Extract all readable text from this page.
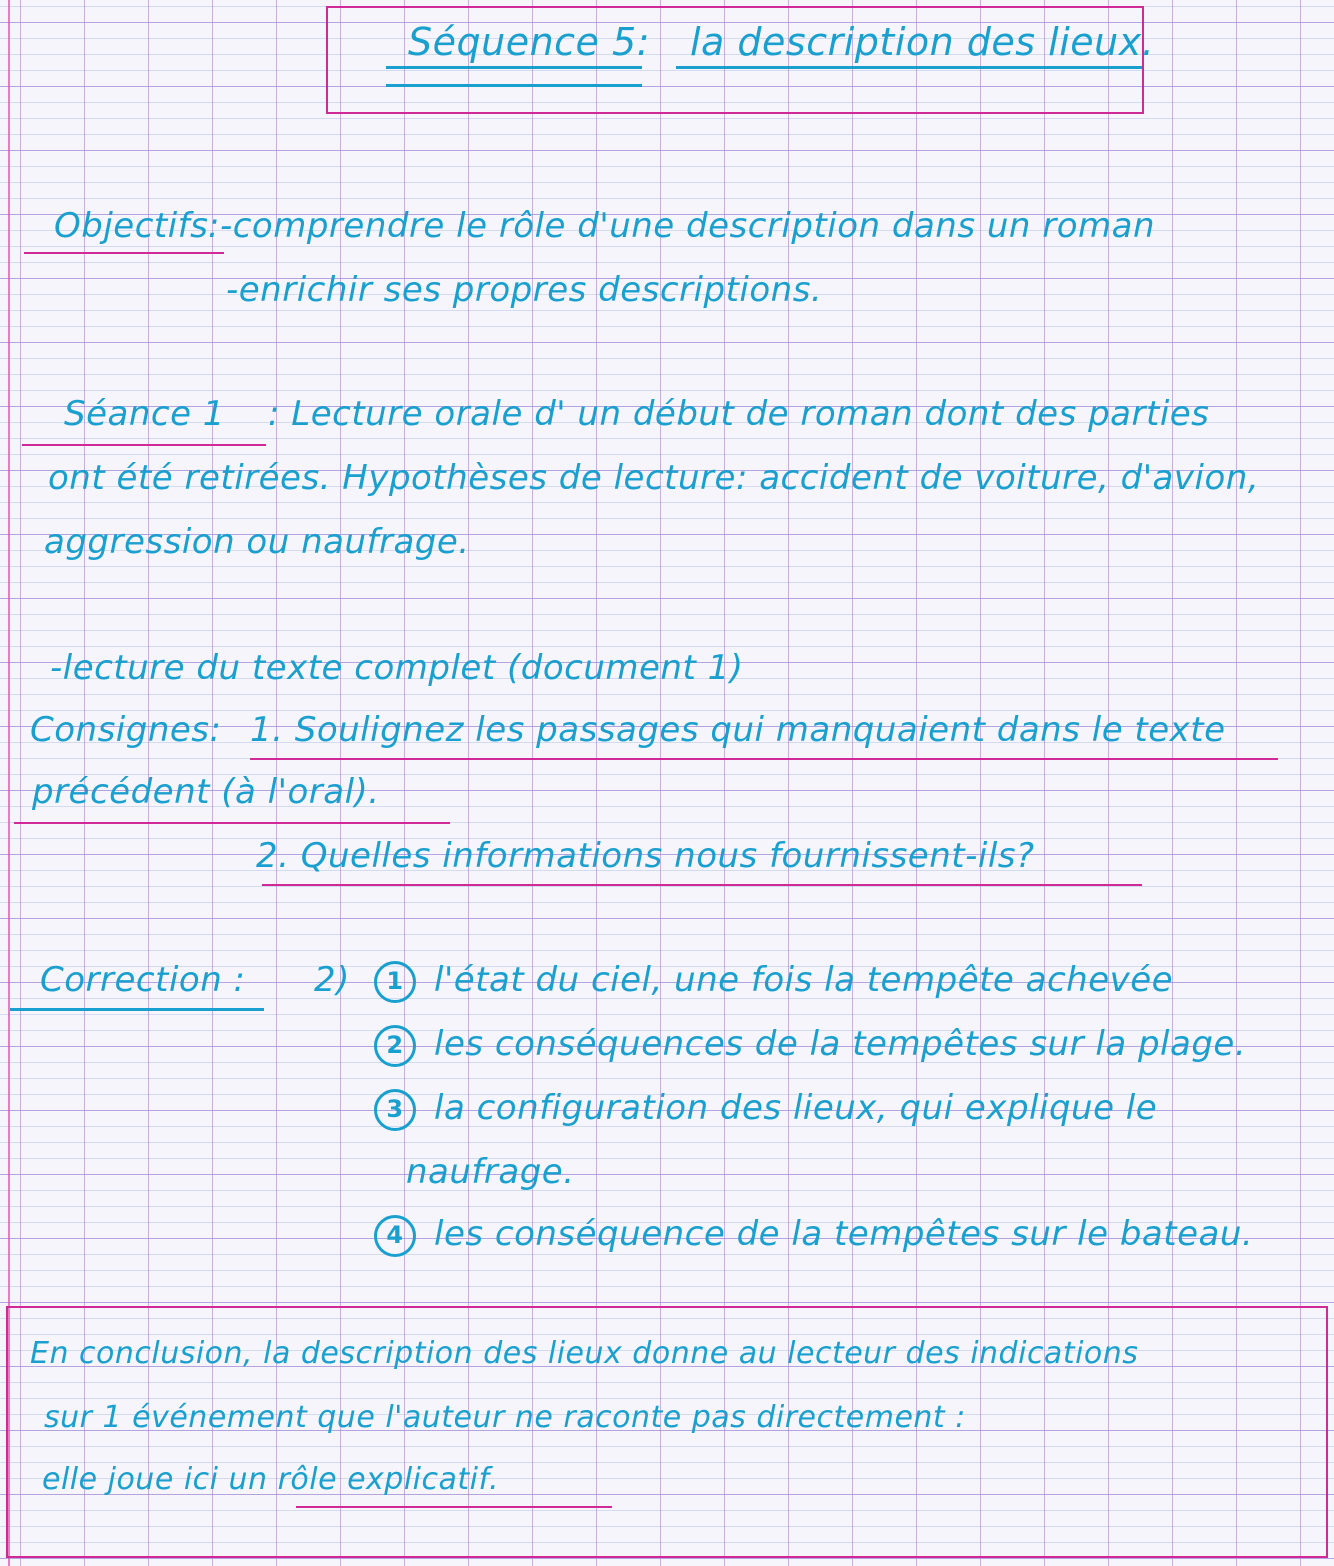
Séquence 5: la description des lieux.
Objectifs :-comprendre le rôle d'une description dans un roman
-enrichir ses propres descriptions.
Séance 1 : Lecture orale d' un début de roman dont des parties
ont été retirées. Hypothèses de lecture: accident de voiture, d'avion,
aggression ou naufrage.
-lecture du texte complet (document 1)
Consignes: 1. Soulignez les passages qui manquaient dans le texte
précédent (à l'oral).
2. Quelles informations nous fournissent-ils?
Correction : 2)	1 l'état du ciel, une fois la tempête achevée
2 les conséquences de la tempêtes sur la plage.
3 la configuration des lieux, qui explique le
naufrage.
4 les conséquence de la tempêtes sur le bateau.
En conclusion, la description des lieux donne au lecteur des indications
sur 1 événement que l'auteur ne raconte pas directement :
elle joue ici un rôle explicatif.
